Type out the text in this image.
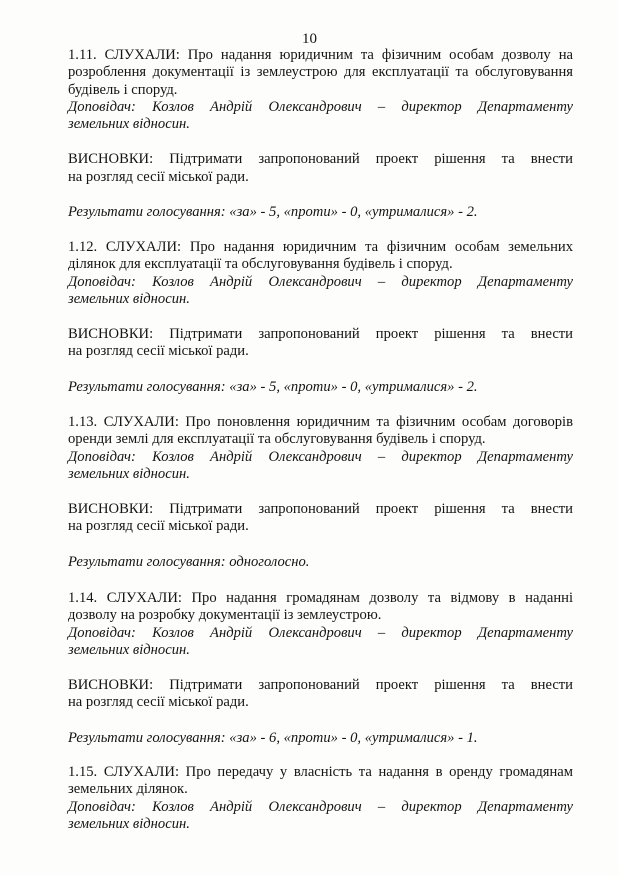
10
1.11. СЛУХАЛИ: Про надання юридичним та фізичним особам дозволу на
розроблення документації із землеустрою для експлуатації та обслуговування
будівель і споруд.
Доповідач: Козлов Андрій Олександрович – директор Департаменту
земельних відносин.
ВИСНОВКИ: Підтримати запропонований проект рішення та внести
на розгляд сесії міської ради.
Результати голосування: «за» - 5, «проти» - 0, «утрималися» - 2.
1.12. СЛУХАЛИ: Про надання юридичним та фізичним особам земельних
ділянок для експлуатації та обслуговування будівель і споруд.
Доповідач: Козлов Андрій Олександрович – директор Департаменту
земельних відносин.
ВИСНОВКИ: Підтримати запропонований проект рішення та внести
на розгляд сесії міської ради.
Результати голосування: «за» - 5, «проти» - 0, «утрималися» - 2.
1.13. СЛУХАЛИ: Про поновлення юридичним та фізичним особам договорів
оренди землі для експлуатації та обслуговування будівель і споруд.
Доповідач: Козлов Андрій Олександрович – директор Департаменту
земельних відносин.
ВИСНОВКИ: Підтримати запропонований проект рішення та внести
на розгляд сесії міської ради.
Результати голосування: одноголосно.
1.14. СЛУХАЛИ: Про надання громадянам дозволу та відмову в наданні
дозволу на розробку документації із землеустрою.
Доповідач: Козлов Андрій Олександрович – директор Департаменту
земельних відносин.
ВИСНОВКИ: Підтримати запропонований проект рішення та внести
на розгляд сесії міської ради.
Результати голосування: «за» - 6, «проти» - 0, «утрималися» - 1.
1.15. СЛУХАЛИ: Про передачу у власність та надання в оренду громадянам
земельних ділянок.
Доповідач: Козлов Андрій Олександрович – директор Департаменту
земельних відносин.
